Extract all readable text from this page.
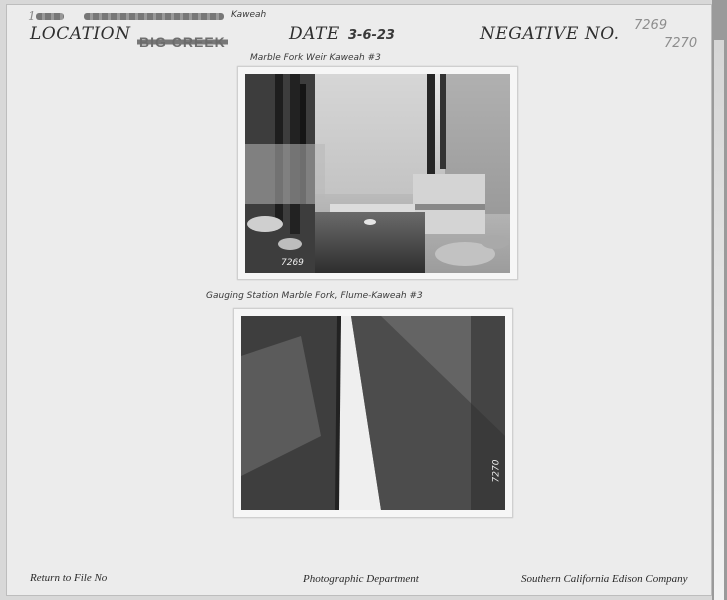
1	Kaweah
LOCATION	DATE 3-6-23	NEGATIVE NO. 7269
7270
Marble Fork Weir Kaweah #3
7269
Gauging Station Marble Fork, Flume-Kaweah #3
7270
Return to File No	Photographic Department	Southern California Edison Company
